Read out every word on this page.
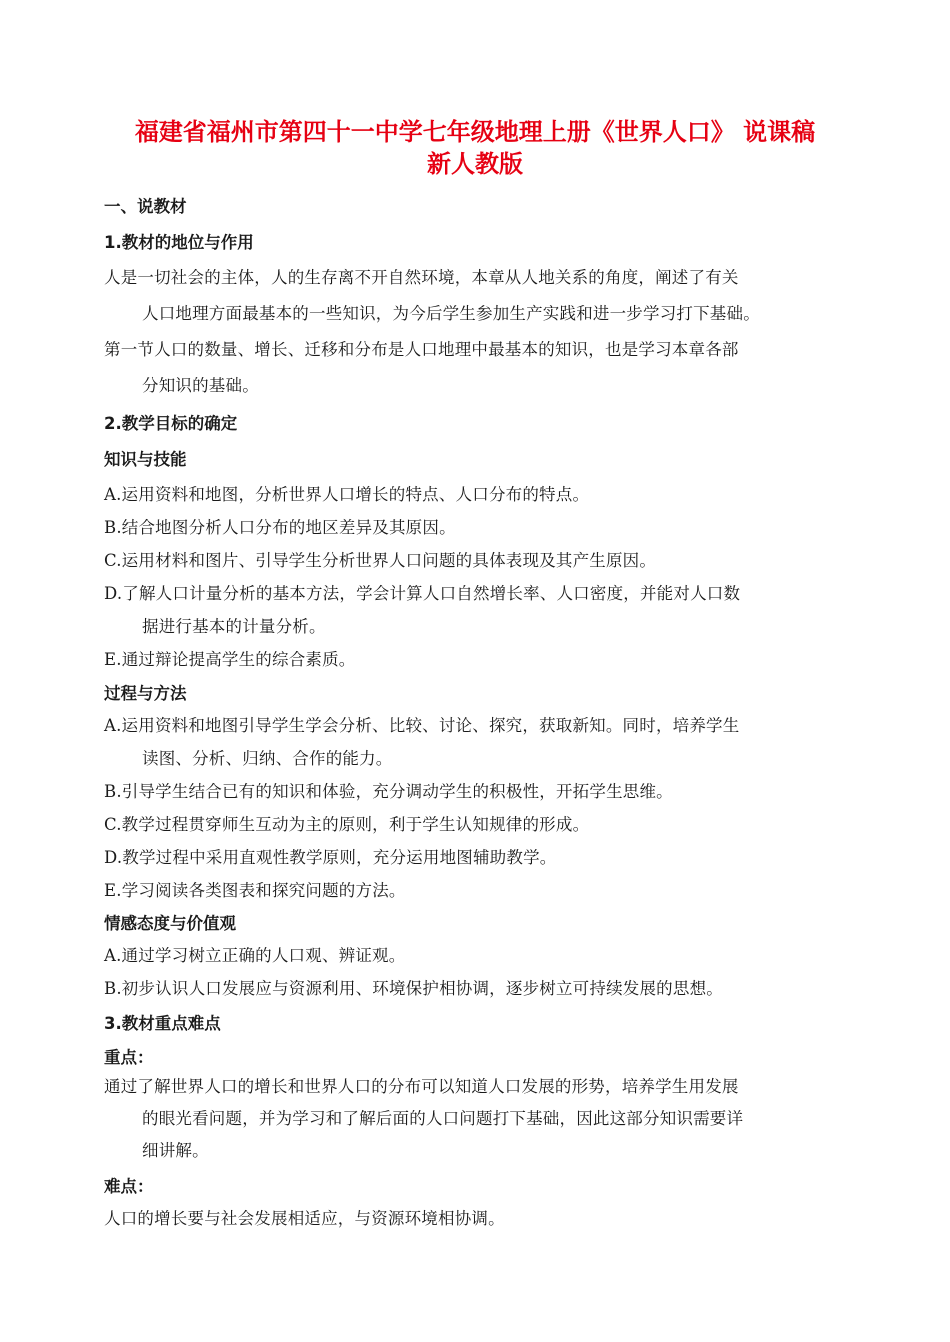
福建省福州市第四十一中学七年级地理上册《世界人口》 说课稿
新人教版

一、说教材

1.教材的地位与作用

人是一切社会的主体，人的生存离不开自然环境，本章从人地关系的角度，阐述了有关

人口地理方面最基本的一些知识，为今后学生参加生产实践和进一步学习打下基础。

第一节人口的数量、增长、迁移和分布是人口地理中最基本的知识，也是学习本章各部

分知识的基础。

2.教学目标的确定

知识与技能

A.运用资料和地图，分析世界人口增长的特点、人口分布的特点。

B.结合地图分析人口分布的地区差异及其原因。

C.运用材料和图片、引导学生分析世界人口问题的具体表现及其产生原因。

D.了解人口计量分析的基本方法，学会计算人口自然增长率、人口密度，并能对人口数

据进行基本的计量分析。

E.通过辩论提高学生的综合素质。

过程与方法

A.运用资料和地图引导学生学会分析、比较、讨论、探究，获取新知。同时，培养学生

读图、分析、归纳、合作的能力。

B.引导学生结合已有的知识和体验，充分调动学生的积极性，开拓学生思维。

C.教学过程贯穿师生互动为主的原则，利于学生认知规律的形成。

D.教学过程中采用直观性教学原则，充分运用地图辅助教学。

E.学习阅读各类图表和探究问题的方法。

情感态度与价值观

A.通过学习树立正确的人口观、辨证观。

B.初步认识人口发展应与资源利用、环境保护相协调，逐步树立可持续发展的思想。

3.教材重点难点

重点：

通过了解世界人口的增长和世界人口的分布可以知道人口发展的形势，培养学生用发展

的眼光看问题，并为学习和了解后面的人口问题打下基础，因此这部分知识需要详

细讲解。

难点：

人口的增长要与社会发展相适应，与资源环境相协调。
